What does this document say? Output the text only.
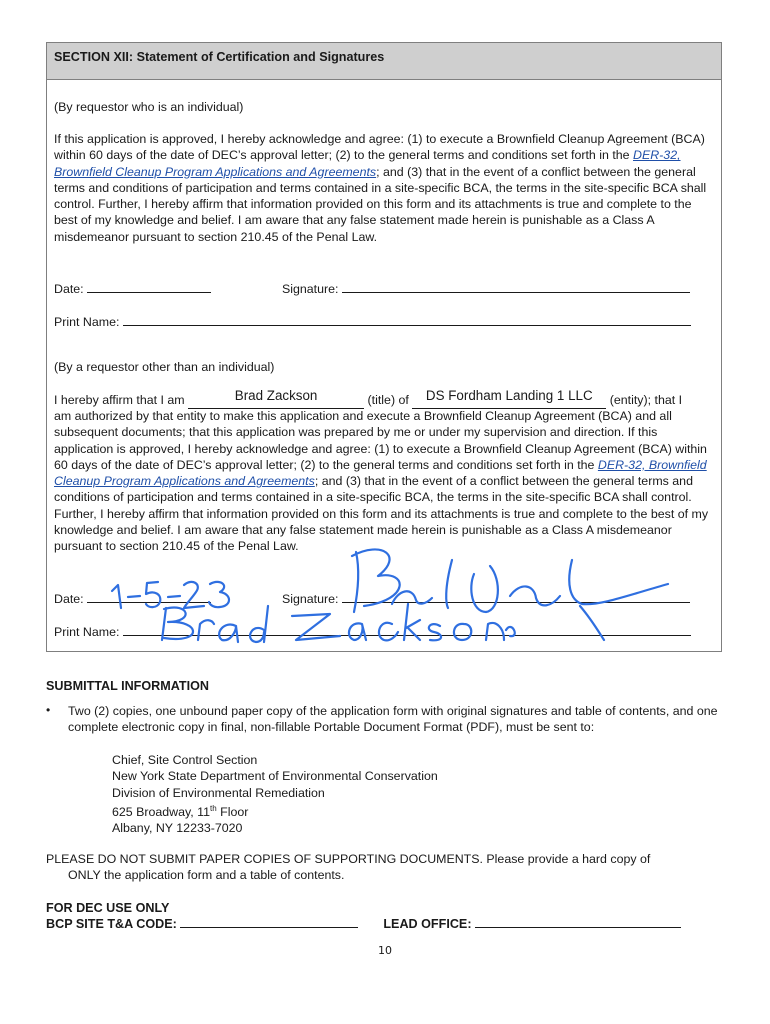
SECTION XII: Statement of Certification and Signatures

(By requestor who is an individual)

If this application is approved, I hereby acknowledge and agree: (1) to execute a Brownfield Cleanup Agreement (BCA) within 60 days of the date of DEC’s approval letter; (2) to the general terms and conditions set forth in the DER-32, Brownfield Cleanup Program Applications and Agreements; and (3) that in the event of a conflict between the general terms and conditions of participation and terms contained in a site-specific BCA, the terms in the site-specific BCA shall control. Further, I hereby affirm that information provided on this form and its attachments is true and complete to the best of my knowledge and belief. I am aware that any false statement made herein is punishable as a Class A misdemeanor pursuant to section 210.45 of the Penal Law.

Date:	Signature:
Print Name:

(By a requestor other than an individual)

I hereby affirm that I am	Brad Zackson	(title) of DS Fordham Landing 1 LLC (entity); that I

am authorized by that entity to make this application and execute a Brownfield Cleanup Agreement (BCA) and all subsequent documents; that this application was prepared by me or under my supervision and direction. If this application is approved, I hereby acknowledge and agree: (1) to execute a Brownfield Cleanup Agreement (BCA) within 60 days of the date of DEC’s approval letter; (2) to the general terms and conditions set forth in the DER-32, Brownfield Cleanup Program Applications and Agreements; and (3) that in the event of a conflict between the general terms and conditions of participation and terms contained in a site-specific BCA, the terms in the site-specific BCA shall control. Further, I hereby affirm that information provided on this form and its attachments is true and complete to the best of my knowledge and belief. I am aware that any false statement made herein is punishable as a Class A misdemeanor pursuant to section 210.45 of the Penal Law.

Date:	Signature:
Print Name:
SUBMITTAL INFORMATION
• Two (2) copies, one unbound paper copy of the application form with original signatures and table of contents, and one complete electronic copy in final, non-fillable Portable Document Format (PDF), must be sent to:
Chief, Site Control Section
New York State Department of Environmental Conservation
Division of Environmental Remediation
625 Broadway, 11th Floor
Albany, NY 12233-7020
PLEASE DO NOT SUBMIT PAPER COPIES OF SUPPORTING DOCUMENTS. Please provide a hard copy of
ONLY the application form and a table of contents.
FOR DEC USE ONLY
BCP SITE T&A CODE:	LEAD OFFICE:
10
